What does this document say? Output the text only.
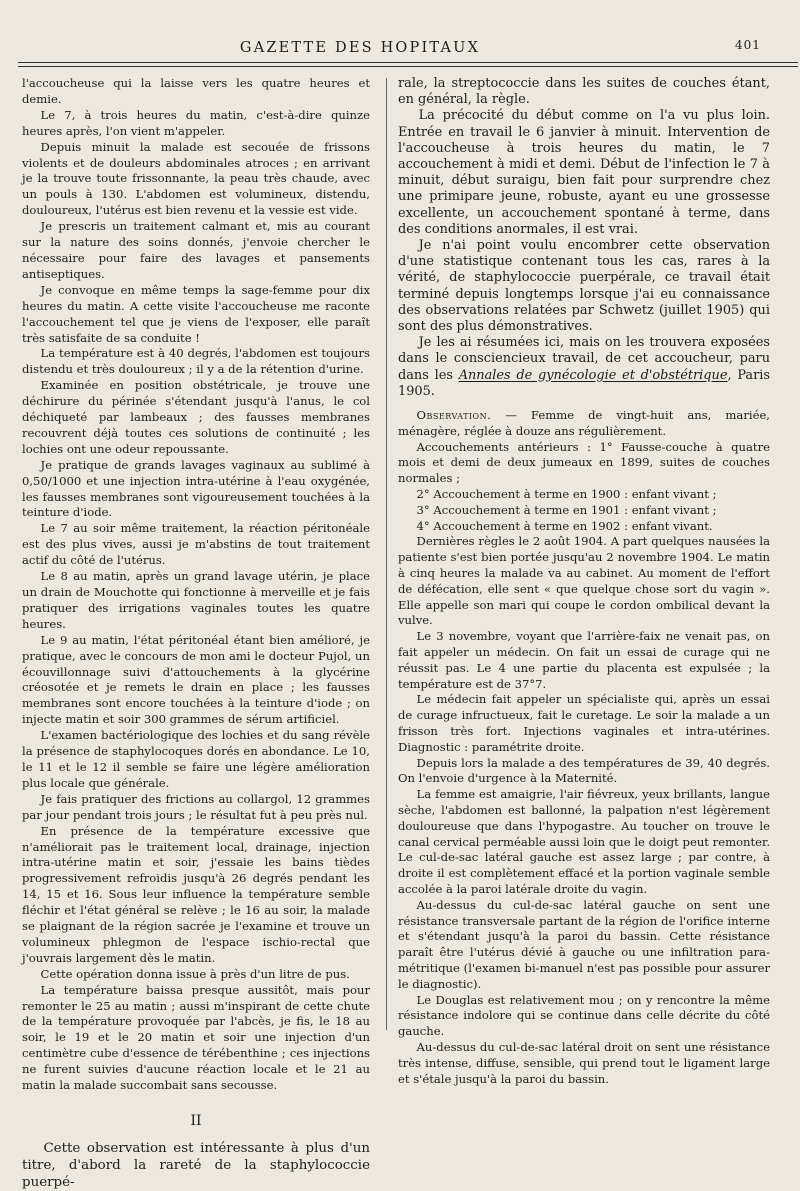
GAZETTE DES HOPITAUX	401

l'accoucheuse qui la laisse vers les quatre heures et demie.

Le 7, à trois heures du matin, c'est-à-dire quinze heures après, l'on vient m'appeler.

Depuis minuit la malade est secouée de frissons violents et de douleurs abdominales atroces ; en arrivant je la trouve toute frissonnante, la peau très chaude, avec un pouls à 130. L'abdomen est volumineux, distendu, douloureux, l'utérus est bien revenu et la vessie est vide.

Je prescris un traitement calmant et, mis au courant sur la nature des soins donnés, j'envoie chercher le nécessaire pour faire des lavages et pansements antiseptiques.

Je convoque en même temps la sage-femme pour dix heures du matin. A cette visite l'accoucheuse me raconte l'accouchement tel que je viens de l'exposer, elle paraît très satisfaite de sa conduite !

La température est à 40 degrés, l'abdomen est toujours distendu et très douloureux ; il y a de la rétention d'urine.

Examinée en position obstétricale, je trouve une déchirure du périnée s'étendant jusqu'à l'anus, le col déchiqueté par lambeaux ; des fausses membranes recouvrent déjà toutes ces solutions de continuité ; les lochies ont une odeur repoussante.

Je pratique de grands lavages vaginaux au sublimé à 0,50/1000 et une injection intra-utérine à l'eau oxygénée, les fausses membranes sont vigoureusement touchées à la teinture d'iode.

Le 7 au soir même traitement, la réaction péritonéale est des plus vives, aussi je m'abstins de tout traitement actif du côté de l'utérus.

Le 8 au matin, après un grand lavage utérin, je place un drain de Mouchotte qui fonctionne à merveille et je fais pratiquer des irrigations vaginales toutes les quatre heures.

Le 9 au matin, l'état péritonéal étant bien amélioré, je pratique, avec le concours de mon ami le docteur Pujol, un écouvillonnage suivi d'attouchements à la glycérine créosotée et je remets le drain en place ; les fausses membranes sont encore touchées à la teinture d'iode ; on injecte matin et soir 300 grammes de sérum artificiel.

L'examen bactériologique des lochies et du sang révèle la présence de staphylocoques dorés en abondance. Le 10, le 11 et le 12 il semble se faire une légère amélioration plus locale que générale.

Je fais pratiquer des frictions au collargol, 12 grammes par jour pendant trois jours ; le résultat fut à peu près nul.

En présence de la température excessive que n'améliorait pas le traitement local, drainage, injection intra-utérine matin et soir, j'essaie les bains tièdes progressivement refroidis jusqu'à 26 degrés pendant les 14, 15 et 16. Sous leur influence la température semble fléchir et l'état général se relève ; le 16 au soir, la malade se plaignant de la région sacrée je l'examine et trouve un volumineux phlegmon de l'espace ischio-rectal que j'ouvrais largement dès le matin.

Cette opération donna issue à près d'un litre de pus.

La température baissa presque aussitôt, mais pour remonter le 25 au matin ; aussi m'inspirant de cette chute de la température provoquée par l'abcès, je fis, le 18 au soir, le 19 et le 20 matin et soir une injection d'un centimètre cube d'essence de térébenthine ; ces injections ne furent suivies d'aucune réaction locale et le 21 au matin la malade succombait sans secousse.

II

Cette observation est intéressante à plus d'un titre, d'abord la rareté de la staphylococcie puerpé-

rale, la streptococcie dans les suites de couches étant, en général, la règle.

La précocité du début comme on l'a vu plus loin. Entrée en travail le 6 janvier à minuit. Intervention de l'accoucheuse à trois heures du matin, le 7 accouchement à midi et demi. Début de l'infection le 7 à minuit, début suraigu, bien fait pour surprendre chez une primipare jeune, robuste, ayant eu une grossesse excellente, un accouchement spontané à terme, dans des conditions anormales, il est vrai.

Je n'ai point voulu encombrer cette observation d'une statistique contenant tous les cas, rares à la vérité, de staphylococcie puerpérale, ce travail était terminé depuis longtemps lorsque j'ai eu connaissance des observations relatées par Schwetz (juillet 1905) qui sont des plus démonstratives.

Je les ai résumées ici, mais on les trouvera exposées dans le consciencieux travail, de cet accoucheur, paru dans les Annales de gynécologie et d'obstétrique, Paris 1905.

Observation. — Femme de vingt-huit ans, mariée, ménagère, réglée à douze ans régulièrement.

Accouchements antérieurs : 1° Fausse-couche à quatre mois et demi de deux jumeaux en 1899, suites de couches normales ;

2° Accouchement à terme en 1900 : enfant vivant ;

3° Accouchement à terme en 1901 : enfant vivant ;

4° Accouchement à terme en 1902 : enfant vivant.

Dernières règles le 2 août 1904. A part quelques nausées la patiente s'est bien portée jusqu'au 2 novembre 1904. Le matin à cinq heures la malade va au cabinet. Au moment de l'effort de défécation, elle sent « que quelque chose sort du vagin ». Elle appelle son mari qui coupe le cordon ombilical devant la vulve.

Le 3 novembre, voyant que l'arrière-faix ne venait pas, on fait appeler un médecin. On fait un essai de curage qui ne réussit pas. Le 4 une partie du placenta est expulsée ; la température est de 37°7.

Le médecin fait appeler un spécialiste qui, après un essai de curage infructueux, fait le curetage. Le soir la malade a un frisson très fort. Injections vaginales et intra-utérines. Diagnostic : paramétrite droite.

Depuis lors la malade a des températures de 39, 40 degrés. On l'envoie d'urgence à la Maternité.

La femme est amaigrie, l'air fiévreux, yeux brillants, langue sèche, l'abdomen est ballonné, la palpation n'est légèrement douloureuse que dans l'hypogastre. Au toucher on trouve le canal cervical perméable aussi loin que le doigt peut remonter. Le cul-de-sac latéral gauche est assez large ; par contre, à droite il est complètement effacé et la portion vaginale semble accolée à la paroi latérale droite du vagin.

Au-dessus du cul-de-sac latéral gauche on sent une résistance transversale partant de la région de l'orifice interne et s'étendant jusqu'à la paroi du bassin. Cette résistance paraît être l'utérus dévié à gauche ou une infiltration para-métritique (l'examen bi-manuel n'est pas possible pour assurer le diagnostic).

Le Douglas est relativement mou ; on y rencontre la même résistance indolore qui se continue dans celle décrite du côté gauche.

Au-dessus du cul-de-sac latéral droit on sent une résistance très intense, diffuse, sensible, qui prend tout le ligament large et s'étale jusqu'à la paroi du bassin.
